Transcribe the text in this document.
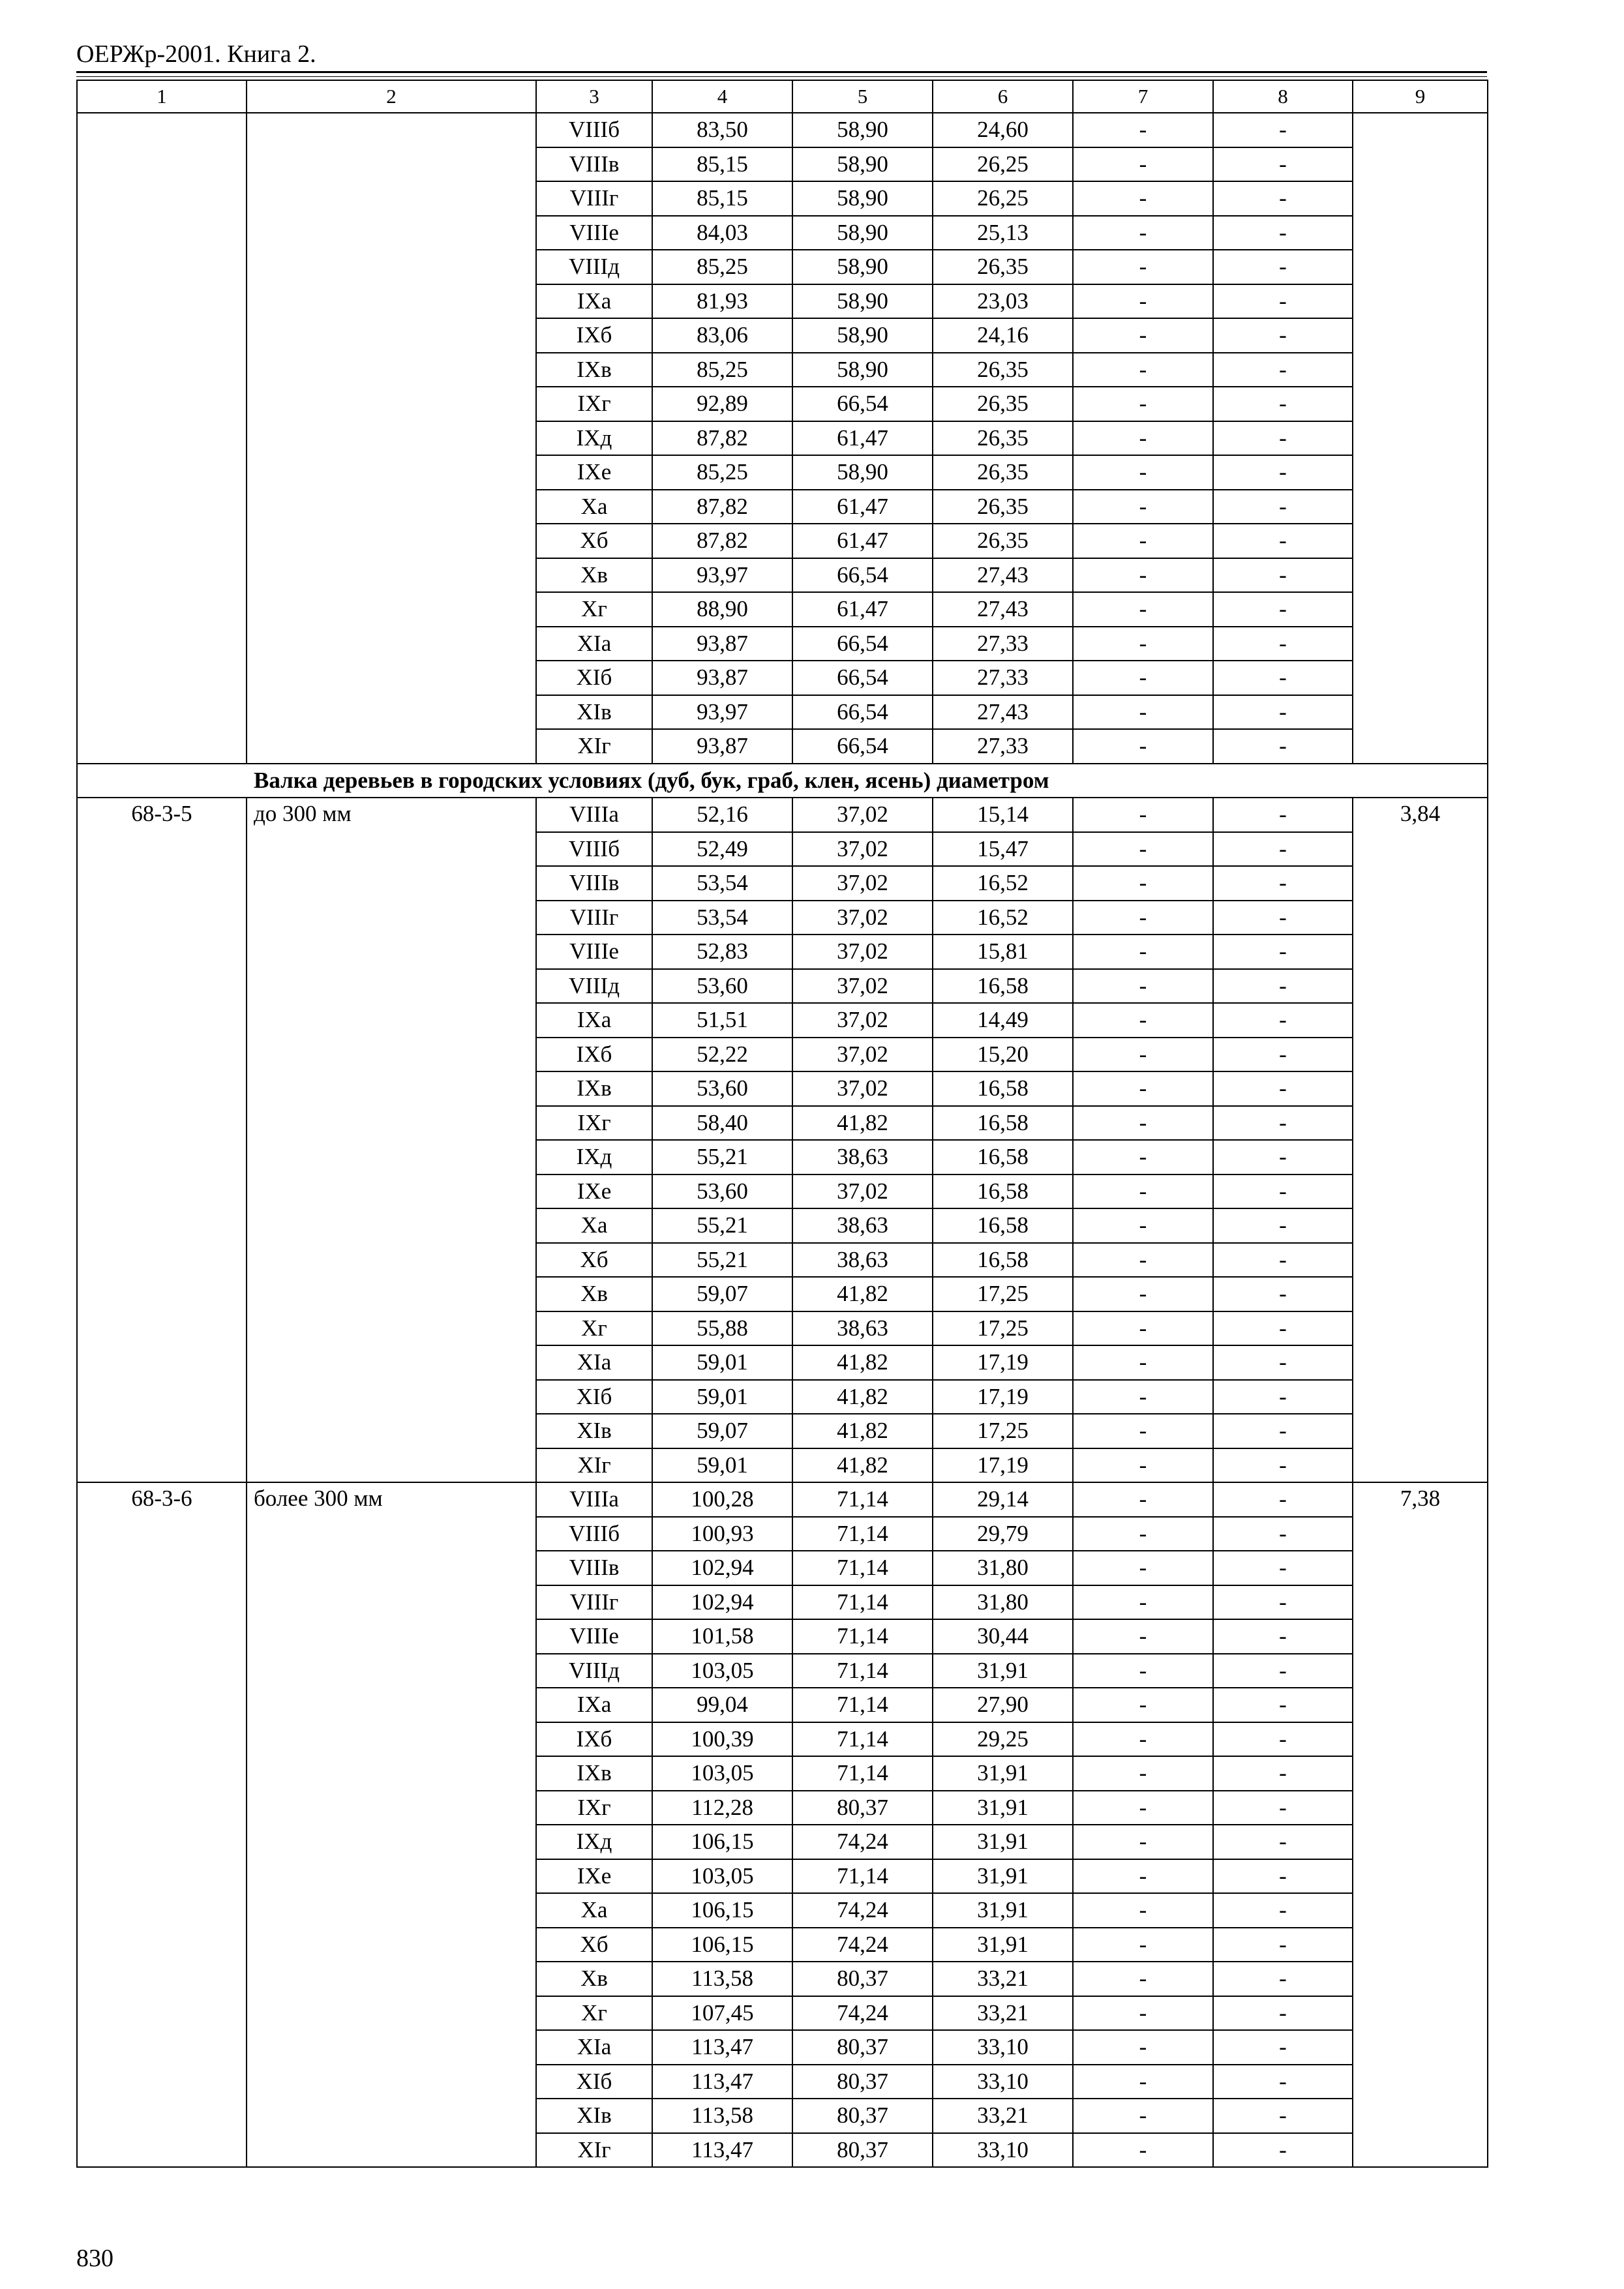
ОЕРЖр-2001. Книга 2.
1	2	3	4	5	6	7	8	9
		VIIIб	83,50	58,90	24,60	-	-	
		VIIIв	85,15	58,90	26,25	-	-	
		VIIIг	85,15	58,90	26,25	-	-	
		VIIIе	84,03	58,90	25,13	-	-	
		VIIIд	85,25	58,90	26,35	-	-	
		IXа	81,93	58,90	23,03	-	-	
		IXб	83,06	58,90	24,16	-	-	
		IXв	85,25	58,90	26,35	-	-	
		IXг	92,89	66,54	26,35	-	-	
		IXд	87,82	61,47	26,35	-	-	
		IXе	85,25	58,90	26,35	-	-	
		Xа	87,82	61,47	26,35	-	-	
		Xб	87,82	61,47	26,35	-	-	
		Xв	93,97	66,54	27,43	-	-	
		Xг	88,90	61,47	27,43	-	-	
		XIа	93,87	66,54	27,33	-	-	
		XIб	93,87	66,54	27,33	-	-	
		XIв	93,97	66,54	27,43	-	-	
		XIг	93,87	66,54	27,33	-	-	
Валка деревьев в городских условиях (дуб, бук, граб, клен, ясень) диаметром								
68-3-5	до 300 мм	VIIIа	52,16	37,02	15,14	-	-	3,84
		VIIIб	52,49	37,02	15,47	-	-	
		VIIIв	53,54	37,02	16,52	-	-	
		VIIIг	53,54	37,02	16,52	-	-	
		VIIIе	52,83	37,02	15,81	-	-	
		VIIIд	53,60	37,02	16,58	-	-	
		IXа	51,51	37,02	14,49	-	-	
		IXб	52,22	37,02	15,20	-	-	
		IXв	53,60	37,02	16,58	-	-	
		IXг	58,40	41,82	16,58	-	-	
		IXд	55,21	38,63	16,58	-	-	
		IXе	53,60	37,02	16,58	-	-	
		Xа	55,21	38,63	16,58	-	-	
		Xб	55,21	38,63	16,58	-	-	
		Xв	59,07	41,82	17,25	-	-	
		Xг	55,88	38,63	17,25	-	-	
		XIа	59,01	41,82	17,19	-	-	
		XIб	59,01	41,82	17,19	-	-	
		XIв	59,07	41,82	17,25	-	-	
		XIг	59,01	41,82	17,19	-	-	
68-3-6	более 300 мм	VIIIа	100,28	71,14	29,14	-	-	7,38
		VIIIб	100,93	71,14	29,79	-	-	
		VIIIв	102,94	71,14	31,80	-	-	
		VIIIг	102,94	71,14	31,80	-	-	
		VIIIе	101,58	71,14	30,44	-	-	
		VIIIд	103,05	71,14	31,91	-	-	
		IXа	99,04	71,14	27,90	-	-	
		IXб	100,39	71,14	29,25	-	-	
		IXв	103,05	71,14	31,91	-	-	
		IXг	112,28	80,37	31,91	-	-	
		IXд	106,15	74,24	31,91	-	-	
		IXе	103,05	71,14	31,91	-	-	
		Xа	106,15	74,24	31,91	-	-	
		Xб	106,15	74,24	31,91	-	-	
		Xв	113,58	80,37	33,21	-	-	
		Xг	107,45	74,24	33,21	-	-	
		XIа	113,47	80,37	33,10	-	-	
		XIб	113,47	80,37	33,10	-	-	
		XIв	113,58	80,37	33,21	-	-	
		XIг	113,47	80,37	33,10	-	-	
830
